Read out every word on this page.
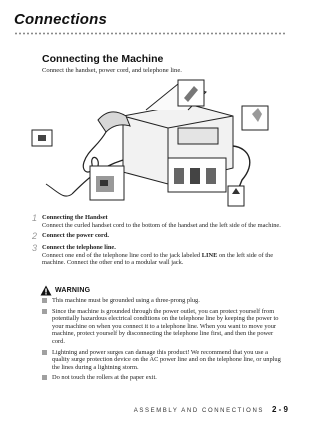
Connections
Connecting the Machine
Connect the handset, power cord, and telephone line.
1 Connecting the Handset
Connect the curled handset cord to the bottom of the handset and the left side of the machine.
2 Connect the power cord.
3 Connect the telephone line.
Connect one end of the telephone line cord to the jack labeled LINE on the left side of the machine. Connect the other end to a modular wall jack.
WARNING
This machine must be grounded using a three-prong plug.
Since the machine is grounded through the power outlet, you can protect yourself from potentially hazardous electrical conditions on the telephone line by keeping the power to your machine on when you connect it to a telephone line. When you want to move your machine, protect yourself by disconnecting the telephone line first, and then the power cord.
Lightning and power surges can damage this product! We recommend that you use a quality surge protection device on the AC power line and on the telephone line, or unplug the lines during a lightning storm.
Do not touch the rollers at the paper exit.
ASSEMBLY AND CONNECTIONS 2 - 9
